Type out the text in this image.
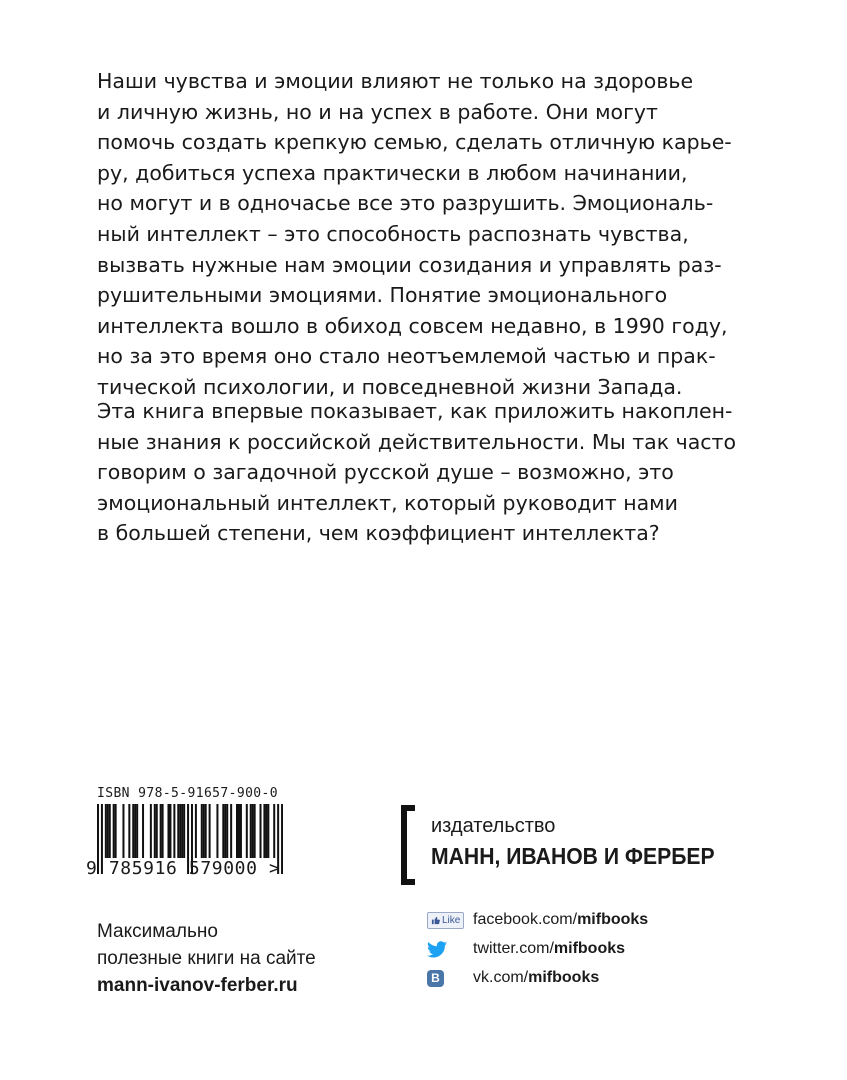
Наши чувства и эмоции влияют не только на здоровье
и личную жизнь, но и на успех в работе. Они могут
помочь создать крепкую семью, сделать отличную карье-
ру, добиться успеха практически в любом начинании,
но могут и в одночасье все это разрушить. Эмоциональ-
ный интеллект – это способность распознать чувства,
вызвать нужные нам эмоции созидания и управлять раз-
рушительными эмоциями. Понятие эмоционального
интеллекта вошло в обиход совсем недавно, в 1990 году,
но за это время оно стало неотъемлемой частью и прак-
тической психологии, и повседневной жизни Запада.
Эта книга впервые показывает, как приложить накоплен-
ные знания к российской действительности. Мы так часто
говорим о загадочной русской душе – возможно, это
эмоциональный интеллект, который руководит нами
в большей степени, чем коэффициент интеллекта?
ISBN 978-5-91657-900-0
9 785916 579000 >
Максимально
полезные книги на сайте
mann-ivanov-ferber.ru
издательство
МАНН, ИВАНОВ И ФЕРБЕР
Like facebook.com/ mifbooks
twitter.com/ mifbooks
B vk.com/ mifbooks
